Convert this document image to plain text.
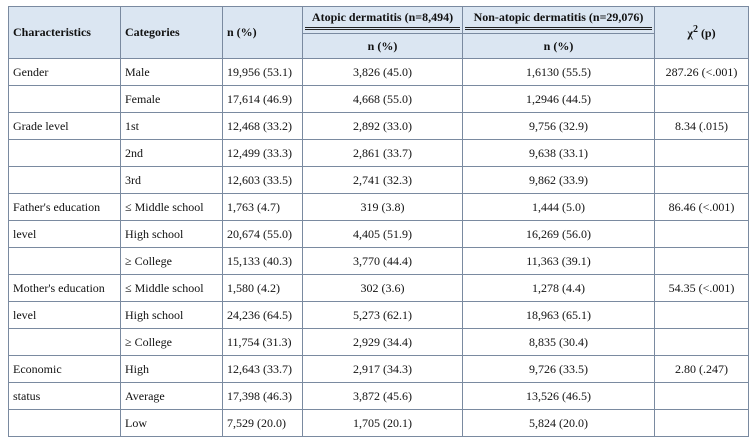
Characteristics	Categories	n (%)	Atopic dermatitis (n=8,494)	Non-atopic dermatitis (n=29,076)	$\chi^2$ (p)
			n (%)	n (%)	
Gender	Male	19,956 (53.1)	3,826 (45.0)	1,6130 (55.5)	287.26 (<.001)
	Female	17,614 (46.9)	4,668 (55.0)	1,2946 (44.5)	
Grade level	1st	12,468 (33.2)	2,892 (33.0)	9,756 (32.9)	8.34 (.015)
	2nd	12,499 (33.3)	2,861 (33.7)	9,638 (33.1)	
	3rd	12,603 (33.5)	2,741 (32.3)	9,862 (33.9)	
Father's education	≤ Middle school	1,763 (4.7)	319 (3.8)	1,444 (5.0)	86.46 (<.001)
level	High school	20,674 (55.0)	4,405 (51.9)	16,269 (56.0)	
	≥ College	15,133 (40.3)	3,770 (44.4)	11,363 (39.1)	
Mother's education	≤ Middle school	1,580 (4.2)	302 (3.6)	1,278 (4.4)	54.35 (<.001)
level	High school	24,236 (64.5)	5,273 (62.1)	18,963 (65.1)	
	≥ College	11,754 (31.3)	2,929 (34.4)	8,835 (30.4)	
Economic	High	12,643 (33.7)	2,917 (34.3)	9,726 (33.5)	2.80 (.247)
status	Average	17,398 (46.3)	3,872 (45.6)	13,526 (46.5)	
	Low	7,529 (20.0)	1,705 (20.1)	5,824 (20.0)	
